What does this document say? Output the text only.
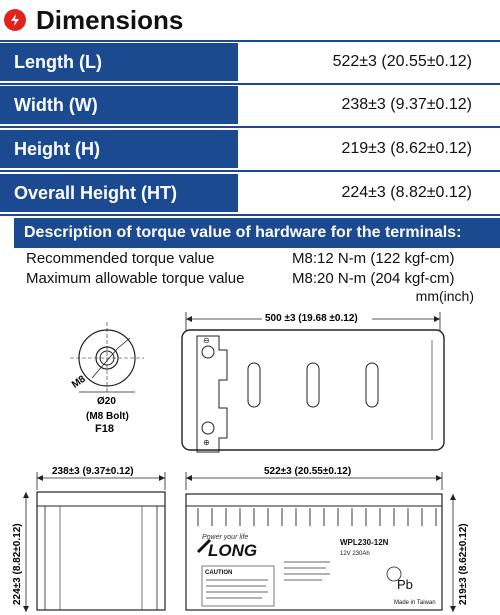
Dimensions
Length (L)	522±3 (20.55±0.12)
Width (W)	238±3 (9.37±0.12)
Height (H)	219±3 (8.62±0.12)
Overall Height (HT)	224±3 (8.82±0.12)
Description of torque value of hardware for the terminals:
Recommended torque value	M8:12 N-m (122 kgf-cm)
Maximum allowable torque value	M8:20 N-m (204 kgf-cm)
mm(inch)
M8
Ø20
(M8 Bolt)
F18
500 ±3 (19.68 ±0.12)
⊖
⊕
238±3 (9.37±0.12)
224±3 (8.82±0.12)
522±3 (20.55±0.12)
Power your life
LONG	WPL230-12N
12V 230Ah
CAUTION
Pb
Made in Taiwan 219±3 (8.62±0.12)
